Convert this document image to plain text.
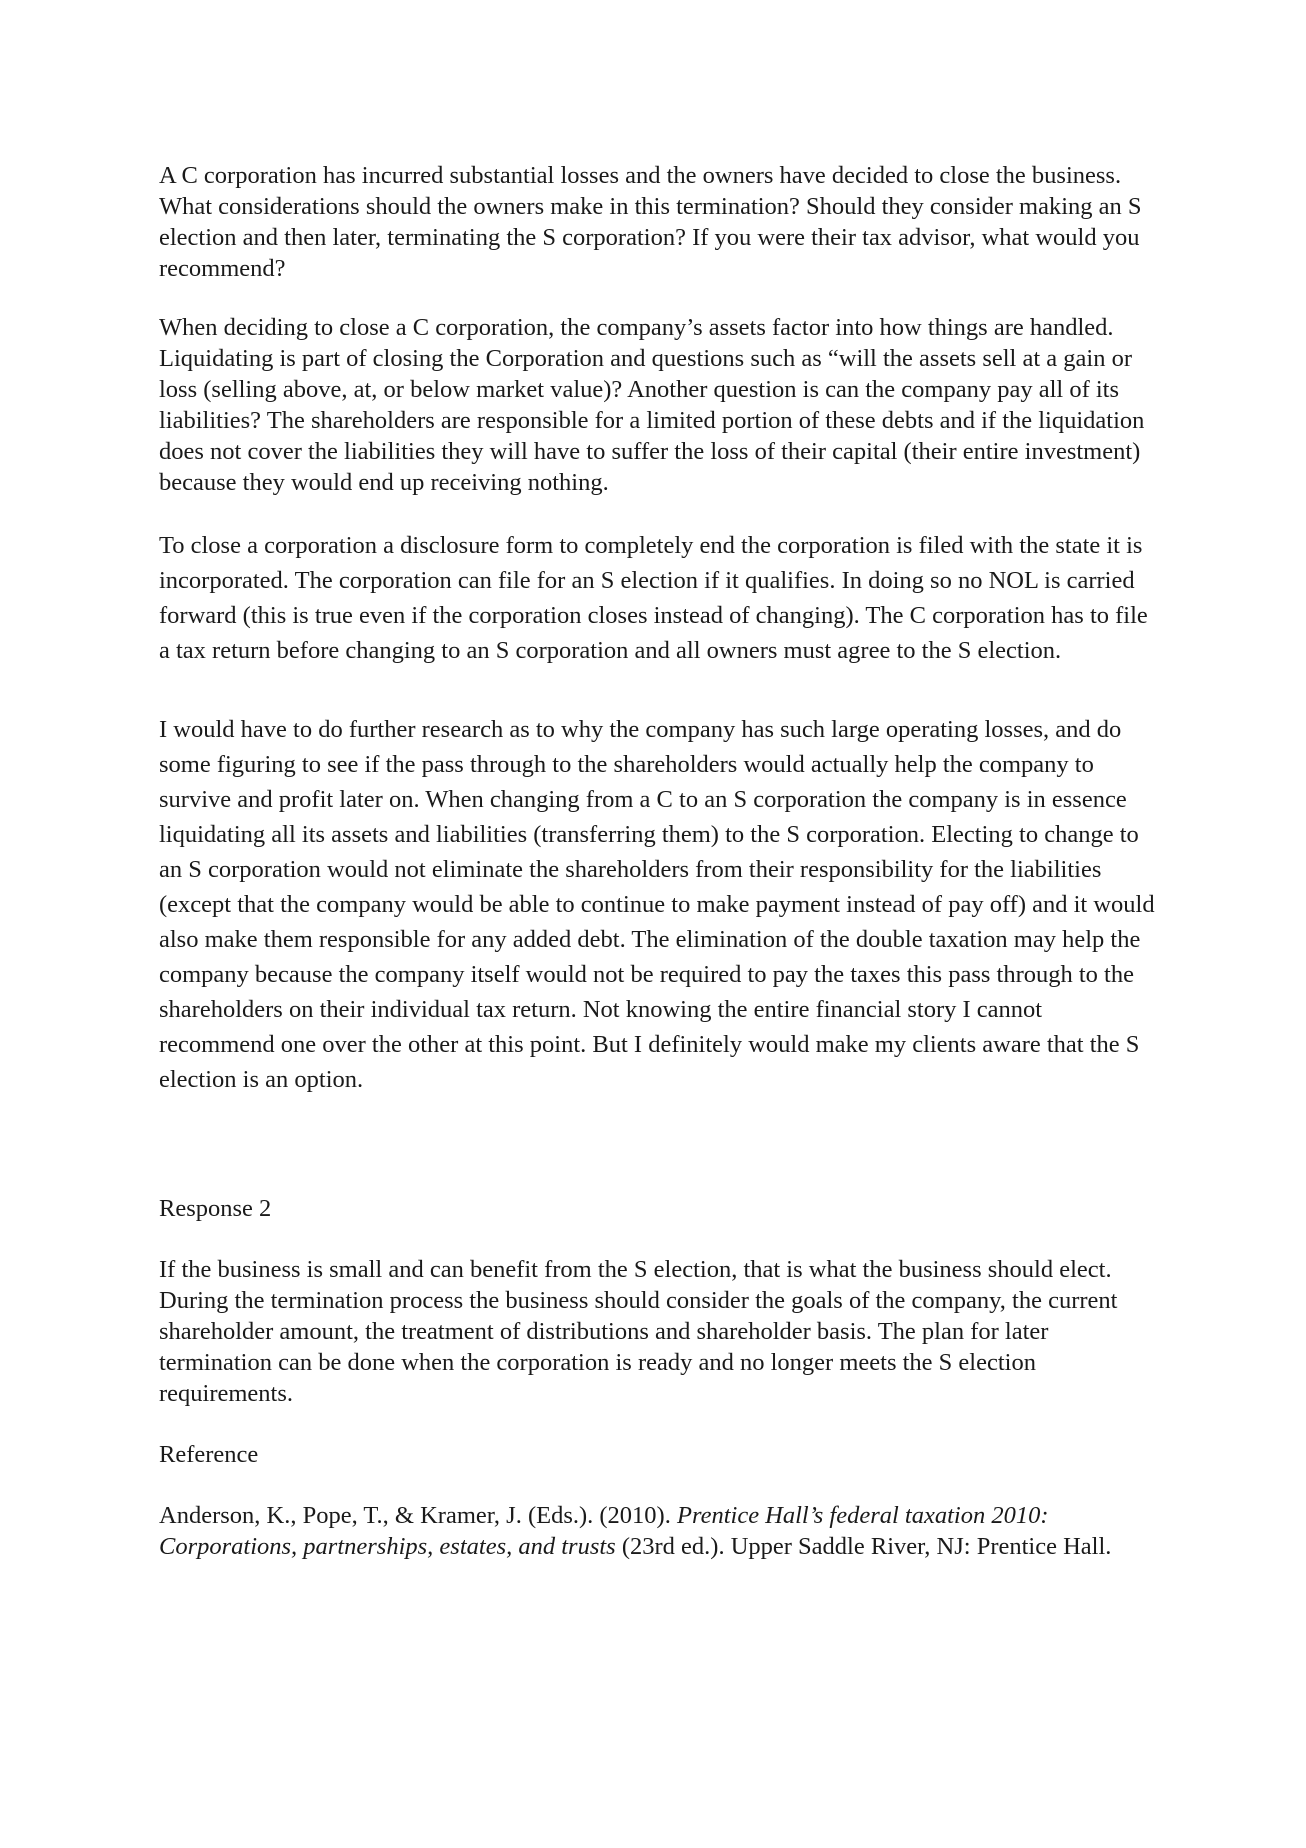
A C corporation has incurred substantial losses and the owners have decided to close the business. What considerations should the owners make in this termination? Should they consider making an S election and then later, terminating the S corporation? If you were their tax advisor, what would you recommend?

When deciding to close a C corporation, the company’s assets factor into how things are handled. Liquidating is part of closing the Corporation and questions such as “will the assets sell at a gain or loss (selling above, at, or below market value)? Another question is can the company pay all of its liabilities? The shareholders are responsible for a limited portion of these debts and if the liquidation does not cover the liabilities they will have to suffer the loss of their capital (their entire investment) because they would end up receiving nothing.

To close a corporation a disclosure form to completely end the corporation is filed with the state it is incorporated. The corporation can file for an S election if it qualifies. In doing so no NOL is carried forward (this is true even if the corporation closes instead of changing). The C corporation has to file a tax return before changing to an S corporation and all owners must agree to the S election.

I would have to do further research as to why the company has such large operating losses, and do some figuring to see if the pass through to the shareholders would actually help the company to survive and profit later on. When changing from a C to an S corporation the company is in essence liquidating all its assets and liabilities (transferring them) to the S corporation. Electing to change to an S corporation would not eliminate the shareholders from their responsibility for the liabilities (except that the company would be able to continue to make payment instead of pay off) and it would also make them responsible for any added debt. The elimination of the double taxation may help the company because the company itself would not be required to pay the taxes this pass through to the shareholders on their individual tax return. Not knowing the entire financial story I cannot recommend one over the other at this point. But I definitely would make my clients aware that the S election is an option.

Response 2

If the business is small and can benefit from the S election, that is what the business should elect. During the termination process the business should consider the goals of the company, the current shareholder amount, the treatment of distributions and shareholder basis. The plan for later termination can be done when the corporation is ready and no longer meets the S election requirements.

Reference

Anderson, K., Pope, T., & Kramer, J. (Eds.). (2010). Prentice Hall’s federal taxation 2010: Corporations, partnerships, estates, and trusts (23rd ed.). Upper Saddle River, NJ: Prentice Hall.
